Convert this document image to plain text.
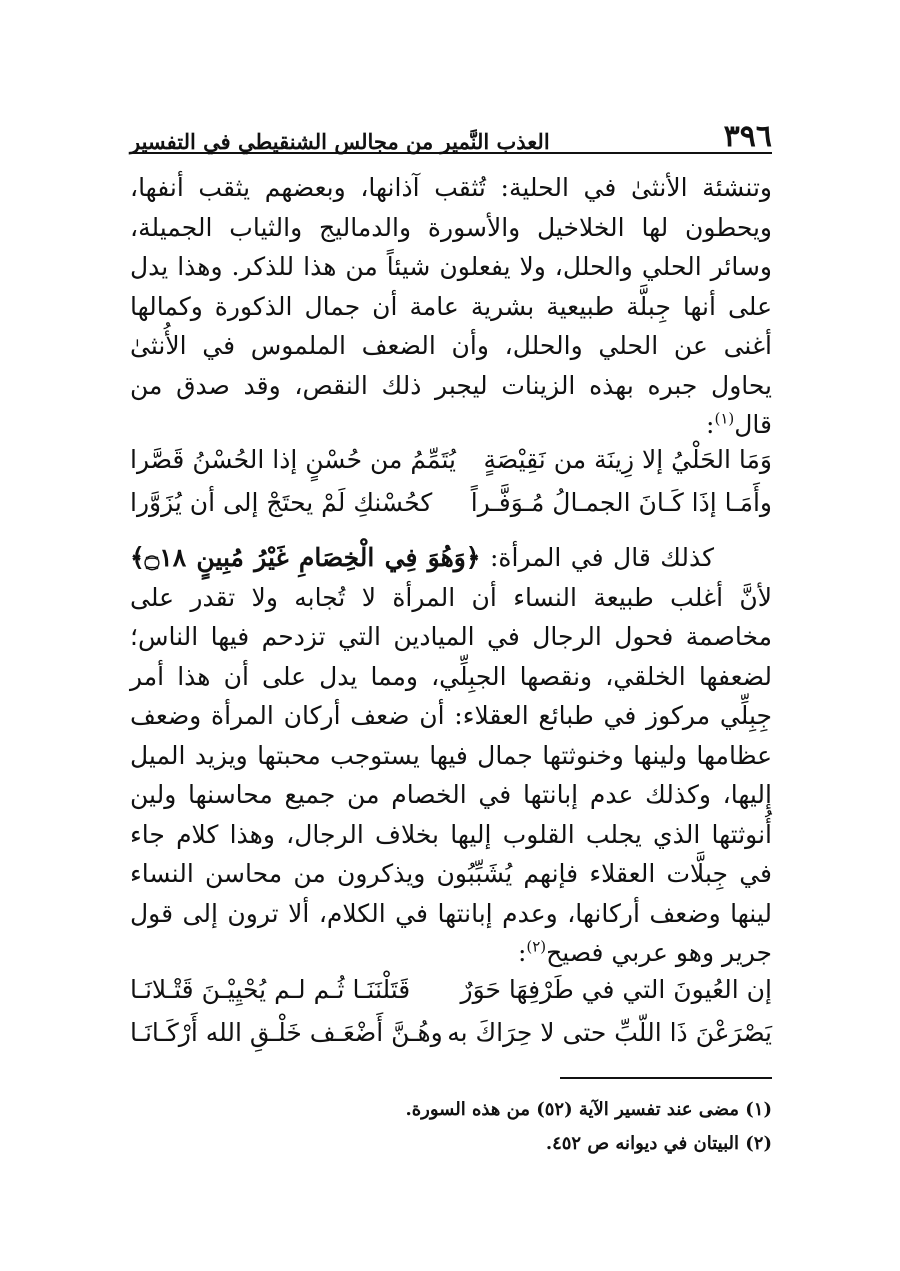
٣٩٦
العذب النَّمير من مجالس الشنقيطي في التفسير

وتنشئة الأنثىٰ في الحلية: تُثقب آذانها، وبعضهم يثقب أنفها، ويحطون لها الخلاخيل والأسورة والدماليج والثياب الجميلة، وسائر الحلي والحلل، ولا يفعلون شيئاً من هذا للذكر. وهذا يدل على أنها جِبلَّة طبيعية بشرية عامة أن جمال الذكورة وكمالها أغنى عن الحلي والحلل، وأن الضعف الملموس في الأُنثىٰ يحاول جبره بهذه الزينات ليجبر ذلك النقص، وقد صدق من قال$^{(١)}$:

وَمَا الحَلْيُ إلا زِينَة من نَقِيْصَةٍ
يُتَمِّمُ من حُسْنٍ إذا الحُسْنُ قَصَّرا
وأَمَـا إذَا كَـانَ الجمـالُ مُـوَفَّـراً
كحُسْنكِ لَمْ يحتَجْ إلى أن يُزَوَّرا

كذلك قال في المرأة: ﴿وَهُوَ فِي الْخِصَامِ غَيْرُ مُبِينٍ ۝١٨﴾ لأنَّ أغلب طبيعة النساء أن المرأة لا تُجابه ولا تقدر على مخاصمة فحول الرجال في الميادين التي تزدحم فيها الناس؛ لضعفها الخلقي، ونقصها الجبِلِّي، ومما يدل على أن هذا أمر جِبِلِّي مركوز في طبائع العقلاء: أن ضعف أركان المرأة وضعف عظامها ولينها وخنوثتها جمال فيها يستوجب محبتها ويزيد الميل إليها، وكذلك عدم إبانتها في الخصام من جميع محاسنها ولين أُنوثتها الذي يجلب القلوب إليها بخلاف الرجال، وهذا كلام جاء في جِبلَّات العقلاء فإنهم يُشَبِّبُون ويذكرون من محاسن النساء لينها وضعف أركانها، وعدم إبانتها في الكلام، ألا ترون إلى قول جرير وهو عربي فصيح$^{(٢)}$:

إن العُيونَ التي في طَرْفِهَا حَوَرٌ
قَتَلْنَنَـا ثُـم لـم يُحْيِيْـنَ قَتْـلانَـا
يَصْرَعْنَ ذَا اللّبِّ حتى لا حِرَاكَ به
وهُـنَّ أَضْعَـف خَلْـقِ الله أَرْكَـانَـا
(١) مضى عند تفسير الآية (٥٢) من هذه السورة.
(٢) البيتان في ديوانه ص ٤٥٢.
